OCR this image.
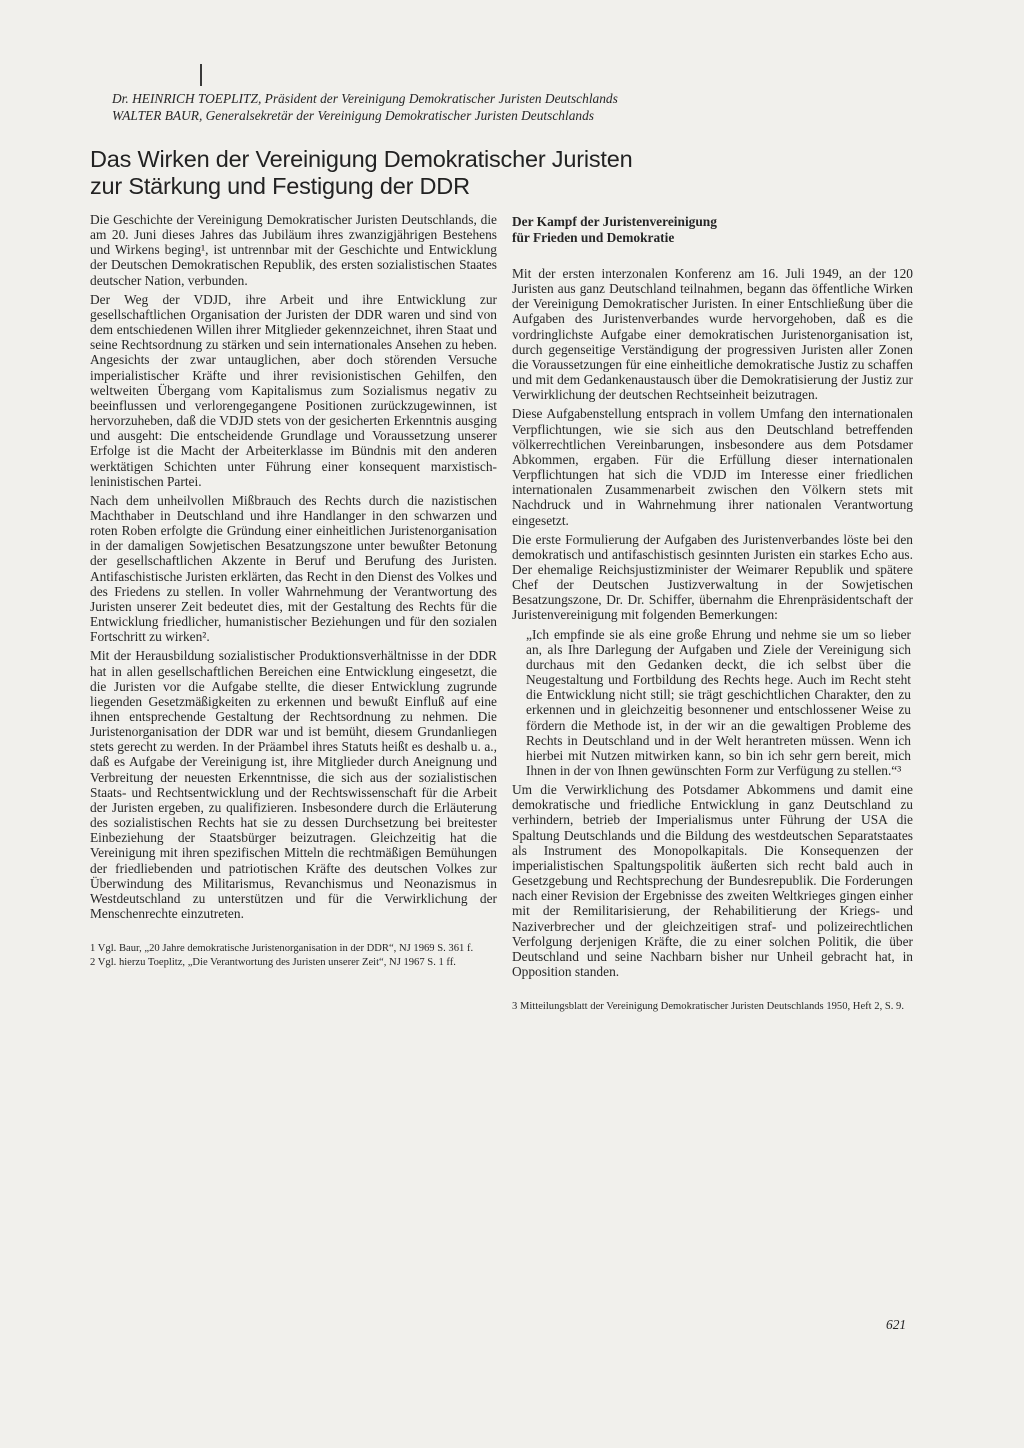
Dr. HEINRICH TOEPLITZ, Präsident der Vereinigung Demokratischer Juristen Deutschlands
WALTER BAUR, Generalsekretär der Vereinigung Demokratischer Juristen Deutschlands
Das Wirken der Vereinigung Demokratischer Juristen
zur Stärkung und Festigung der DDR

Die Geschichte der Vereinigung Demokratischer Juristen Deutschlands, die am 20. Juni dieses Jahres das Jubiläum ihres zwanzigjährigen Bestehens und Wirkens beging¹, ist untrennbar mit der Geschichte und Entwicklung der Deutschen Demokratischen Republik, des ersten sozialistischen Staates deutscher Nation, verbunden.

Der Weg der VDJD, ihre Arbeit und ihre Entwicklung zur gesellschaftlichen Organisation der Juristen der DDR waren und sind von dem entschiedenen Willen ihrer Mitglieder gekennzeichnet, ihren Staat und seine Rechtsordnung zu stärken und sein internationales Ansehen zu heben. Angesichts der zwar untauglichen, aber doch störenden Versuche imperialistischer Kräfte und ihrer revisionistischen Gehilfen, den weltweiten Übergang vom Kapitalismus zum Sozialismus negativ zu beeinflussen und verlorengegangene Positionen zurückzugewinnen, ist hervorzuheben, daß die VDJD stets von der gesicherten Erkenntnis ausging und ausgeht: Die entscheidende Grundlage und Voraussetzung unserer Erfolge ist die Macht der Arbeiterklasse im Bündnis mit den anderen werktätigen Schichten unter Führung einer konsequent marxistisch-leninistischen Partei.

Nach dem unheilvollen Mißbrauch des Rechts durch die nazistischen Machthaber in Deutschland und ihre Handlanger in den schwarzen und roten Roben erfolgte die Gründung einer einheitlichen Juristenorganisation in der damaligen Sowjetischen Besatzungszone unter bewußter Betonung der gesellschaftlichen Akzente in Beruf und Berufung des Juristen. Antifaschistische Juristen erklärten, das Recht in den Dienst des Volkes und des Friedens zu stellen. In voller Wahrnehmung der Verantwortung des Juristen unserer Zeit bedeutet dies, mit der Gestaltung des Rechts für die Entwicklung friedlicher, humanistischer Beziehungen und für den sozialen Fortschritt zu wirken².

Mit der Herausbildung sozialistischer Produktionsverhältnisse in der DDR hat in allen gesellschaftlichen Bereichen eine Entwicklung eingesetzt, die die Juristen vor die Aufgabe stellte, die dieser Entwicklung zugrunde liegenden Gesetzmäßigkeiten zu erkennen und bewußt Einfluß auf eine ihnen entsprechende Gestaltung der Rechtsordnung zu nehmen. Die Juristenorganisation der DDR war und ist bemüht, diesem Grundanliegen stets gerecht zu werden. In der Präambel ihres Statuts heißt es deshalb u. a., daß es Aufgabe der Vereinigung ist, ihre Mitglieder durch Aneignung und Verbreitung der neuesten Erkenntnisse, die sich aus der sozialistischen Staats- und Rechtsentwicklung und der Rechtswissenschaft für die Arbeit der Juristen ergeben, zu qualifizieren. Insbesondere durch die Erläuterung des sozialistischen Rechts hat sie zu dessen Durchsetzung bei breitester Einbeziehung der Staatsbürger beizutragen. Gleichzeitig hat die Vereinigung mit ihren spezifischen Mitteln die rechtmäßigen Bemühungen der friedliebenden und patriotischen Kräfte des deutschen Volkes zur Überwindung des Militarismus, Revanchismus und Neonazismus in Westdeutschland zu unterstützen und für die Verwirklichung der Menschenrechte einzutreten.

1 Vgl. Baur, „20 Jahre demokratische Juristenorganisation in der DDR“, NJ 1969 S. 361 f.
2 Vgl. hierzu Toeplitz, „Die Verantwortung des Juristen unserer Zeit“, NJ 1967 S. 1 ff.
Der Kampf der Juristenvereinigung
für Frieden und Demokratie

Mit der ersten interzonalen Konferenz am 16. Juli 1949, an der 120 Juristen aus ganz Deutschland teilnahmen, begann das öffentliche Wirken der Vereinigung Demokratischer Juristen. In einer Entschließung über die Aufgaben des Juristenverbandes wurde hervorgehoben, daß es die vordringlichste Aufgabe einer demokratischen Juristenorganisation ist, durch gegenseitige Verständigung der progressiven Juristen aller Zonen die Voraussetzungen für eine einheitliche demokratische Justiz zu schaffen und mit dem Gedankenaustausch über die Demokratisierung der Justiz zur Verwirklichung der deutschen Rechtseinheit beizutragen.

Diese Aufgabenstellung entsprach in vollem Umfang den internationalen Verpflichtungen, wie sie sich aus den Deutschland betreffenden völkerrechtlichen Vereinbarungen, insbesondere aus dem Potsdamer Abkommen, ergaben. Für die Erfüllung dieser internationalen Verpflichtungen hat sich die VDJD im Interesse einer friedlichen internationalen Zusammenarbeit zwischen den Völkern stets mit Nachdruck und in Wahrnehmung ihrer nationalen Verantwortung eingesetzt.

Die erste Formulierung der Aufgaben des Juristenverbandes löste bei den demokratisch und antifaschistisch gesinnten Juristen ein starkes Echo aus. Der ehemalige Reichsjustizminister der Weimarer Republik und spätere Chef der Deutschen Justizverwaltung in der Sowjetischen Besatzungszone, Dr. Dr. Schiffer, übernahm die Ehrenpräsidentschaft der Juristenvereinigung mit folgenden Bemerkungen:

„Ich empfinde sie als eine große Ehrung und nehme sie um so lieber an, als Ihre Darlegung der Aufgaben und Ziele der Vereinigung sich durchaus mit den Gedanken deckt, die ich selbst über die Neugestaltung und Fortbildung des Rechts hege. Auch im Recht steht die Entwicklung nicht still; sie trägt geschichtlichen Charakter, den zu erkennen und in gleichzeitig besonnener und entschlossener Weise zu fördern die Methode ist, in der wir an die gewaltigen Probleme des Rechts in Deutschland und in der Welt herantreten müssen. Wenn ich hierbei mit Nutzen mitwirken kann, so bin ich sehr gern bereit, mich Ihnen in der von Ihnen gewünschten Form zur Verfügung zu stellen.“³

Um die Verwirklichung des Potsdamer Abkommens und damit eine demokratische und friedliche Entwicklung in ganz Deutschland zu verhindern, betrieb der Imperialismus unter Führung der USA die Spaltung Deutschlands und die Bildung des westdeutschen Separatstaates als Instrument des Monopolkapitals. Die Konsequenzen der imperialistischen Spaltungspolitik äußerten sich recht bald auch in Gesetzgebung und Rechtsprechung der Bundesrepublik. Die Forderungen nach einer Revision der Ergebnisse des zweiten Weltkrieges gingen einher mit der Remilitarisierung, der Rehabilitierung der Kriegs- und Naziverbrecher und der gleichzeitigen straf- und polizeirechtlichen Verfolgung derjenigen Kräfte, die zu einer solchen Politik, die über Deutschland und seine Nachbarn bisher nur Unheil gebracht hat, in Opposition standen.

3 Mitteilungsblatt der Vereinigung Demokratischer Juristen Deutschlands 1950, Heft 2, S. 9.
621
